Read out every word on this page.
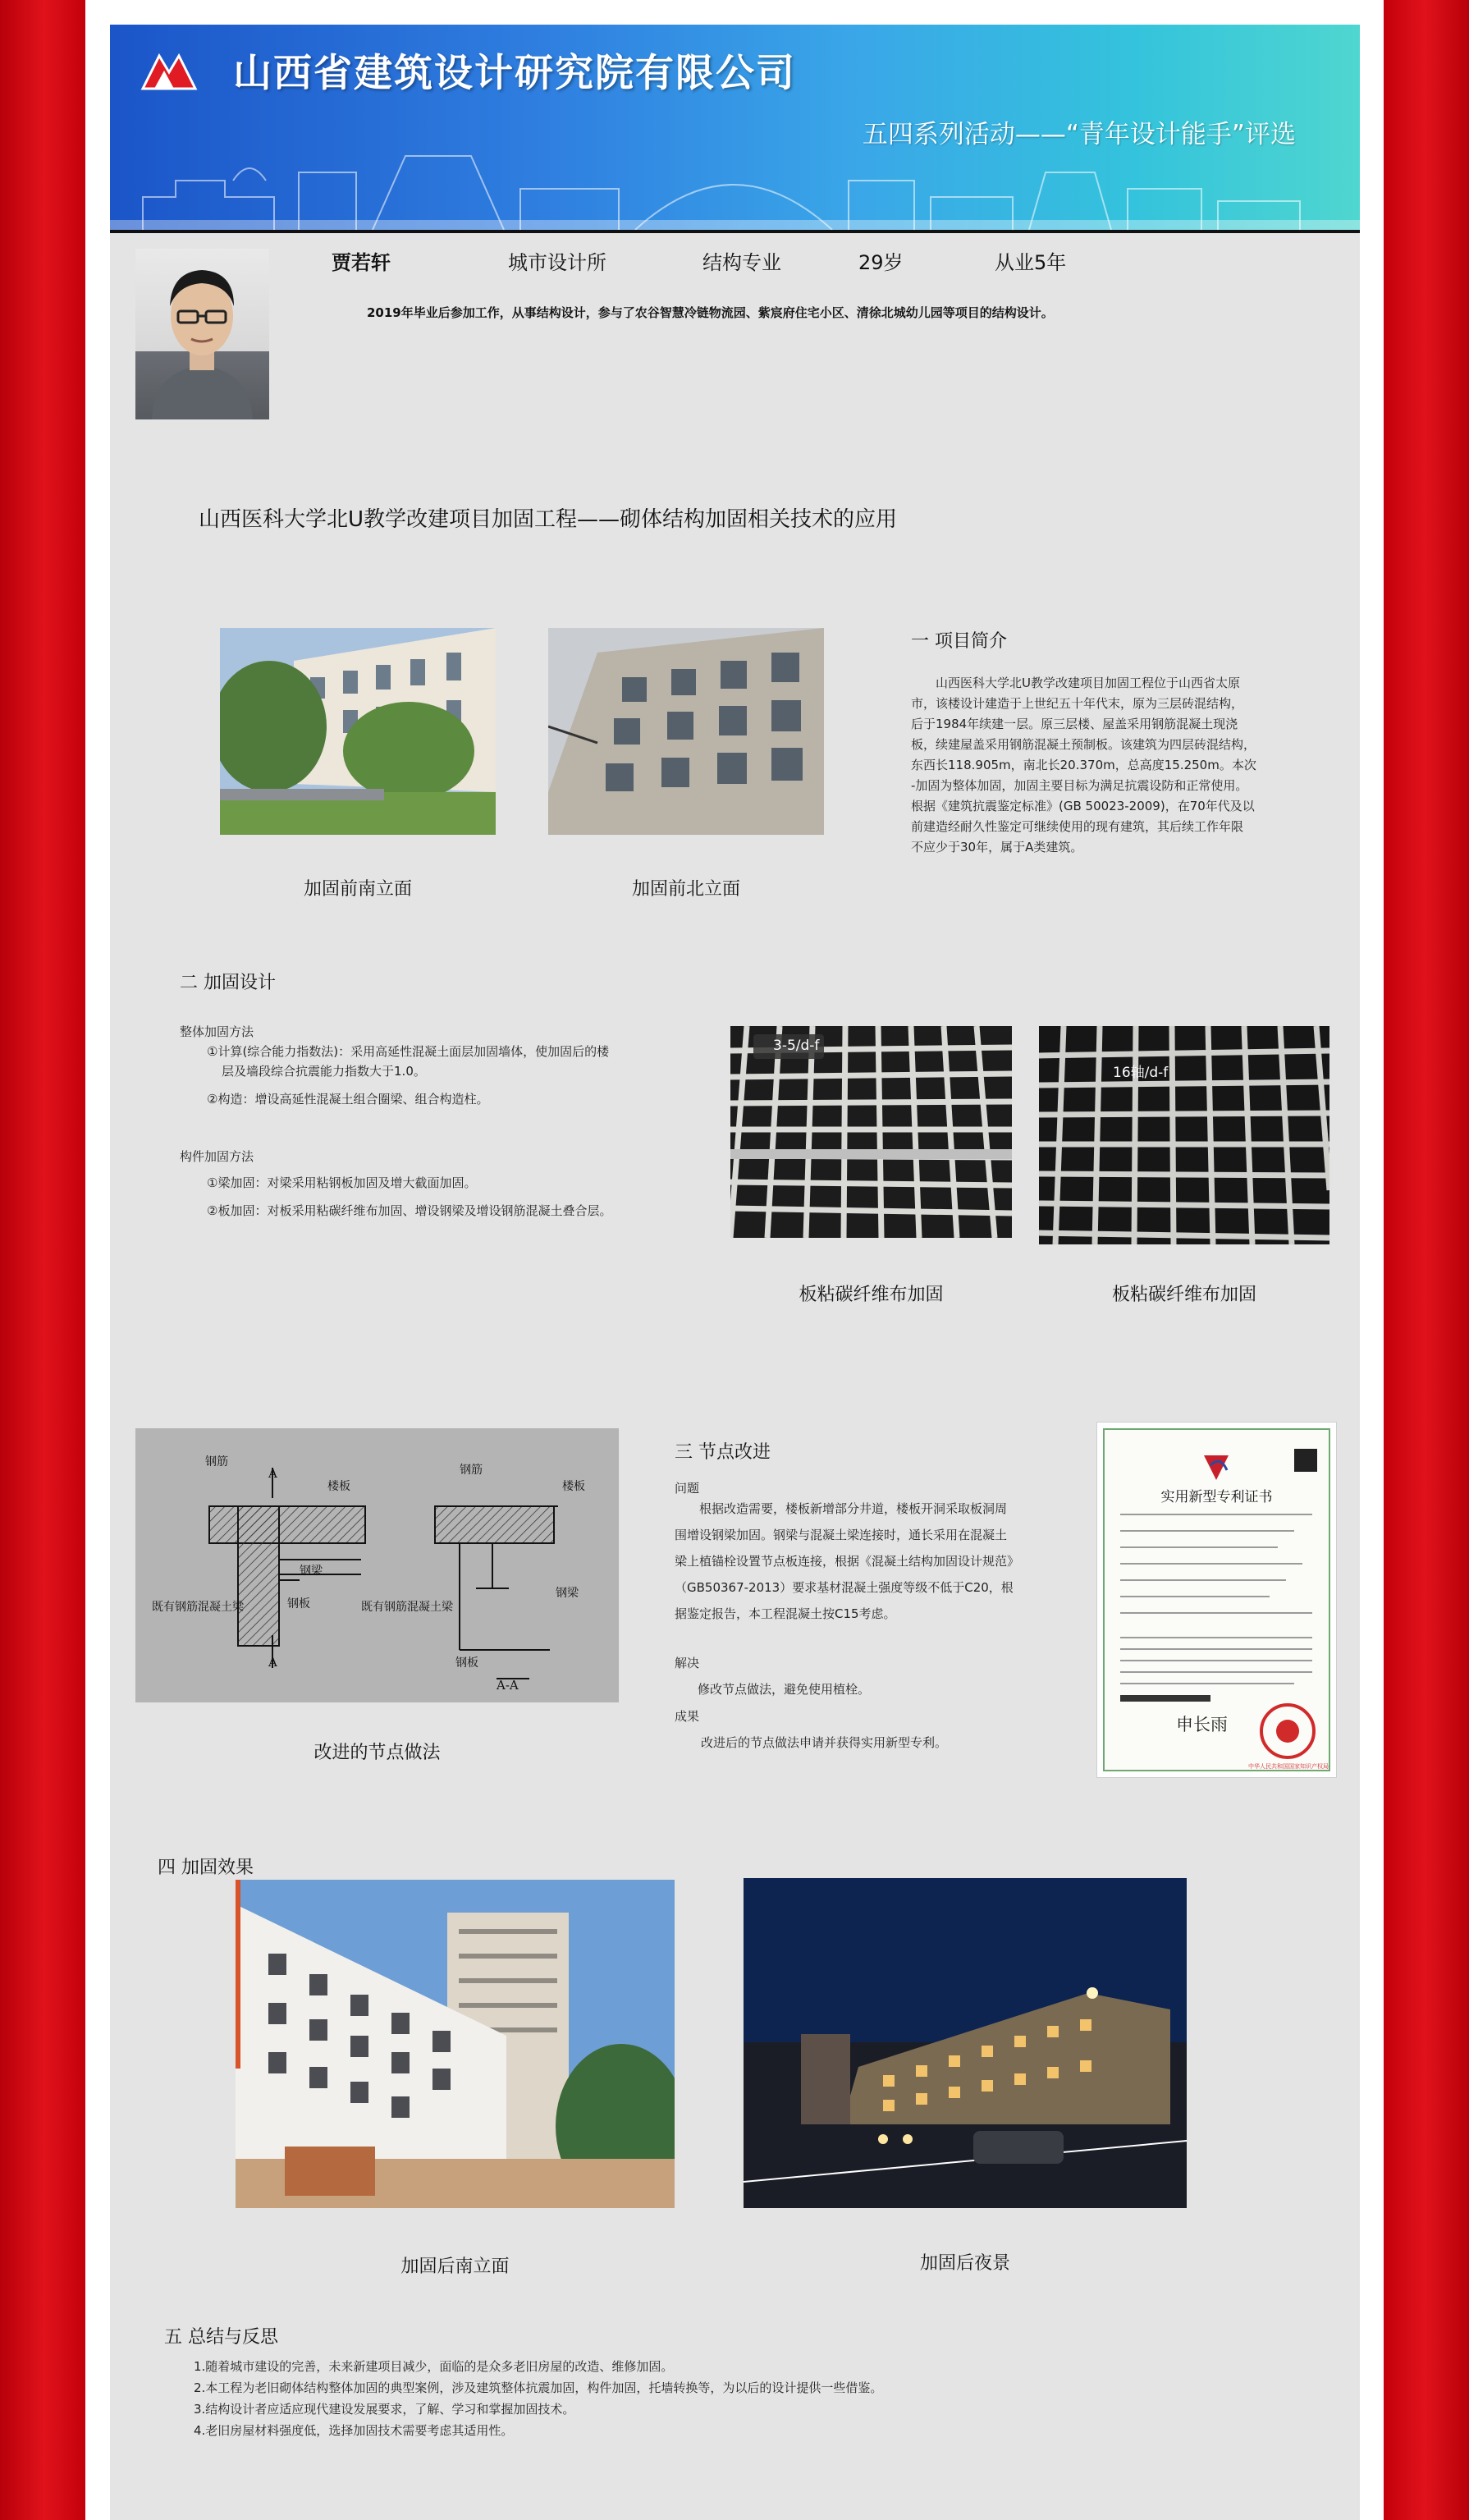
山西省建筑设计研究院有限公司
五四系列活动——“青年设计能手”评选
贾若轩	城市设计所	结构专业	29岁	从业5年
2019年毕业后参加工作，从事结构设计，参与了农谷智慧冷链物流园、紫宸府住宅小区、清徐北城幼儿园等项目的结构设计。
山西医科大学北U教学改建项目加固工程——砌体结构加固相关技术的应用
加固前南立面	加固前北立面
一 项目简介
山西医科大学北U教学改建项目加固工程位于山西省太原
市，该楼设计建造于上世纪五十年代末，原为三层砖混结构，
后于1984年续建一层。原三层楼、屋盖采用钢筋混凝土现浇
板，续建屋盖采用钢筋混凝土预制板。该建筑为四层砖混结构，
东西长118.905m，南北长20.370m，总高度15.250m。本次
-加固为整体加固，加固主要目标为满足抗震设防和正常使用。
根据《建筑抗震鉴定标准》(GB 50023-2009)，在70年代及以
前建造经耐久性鉴定可继续使用的现有建筑，其后续工作年限
不应少于30年，属于A类建筑。
二 加固设计
整体加固方法
①计算(综合能力指数法)：采用高延性混凝土面层加固墙体，使加固后的楼
层及墙段综合抗震能力指数大于1.0。
②构造：增设高延性混凝土组合圈梁、组合构造柱。
构件加固方法
①梁加固：对梁采用粘钢板加固及增大截面加固。
②板加固：对板采用粘碳纤维布加固、增设钢梁及增设钢筋混凝土叠合层。
3-5/d-f
板粘碳纤维布加固
16轴/d-f
板粘碳纤维布加固
钢筋
楼板
钢梁
钢板
既有钢筋混凝土梁
A
A
钢筋
楼板
钢梁
钢板
既有钢筋混凝土梁
A-A
改进的节点做法
三 节点改进
问题
根据改造需要，楼板新增部分井道，楼板开洞采取板洞周
围增设钢梁加固。钢梁与混凝土梁连接时，通长采用在混凝土
梁上植锚栓设置节点板连接，根据《混凝土结构加固设计规范》
（GB50367-2013）要求基材混凝土强度等级不低于C20，根
据鉴定报告，本工程混凝土按C15考虑。
解决
修改节点做法，避免使用植栓。
成果
改进后的节点做法申请并获得实用新型专利。
实用新型专利证书
申长雨
中华人民共和国国家知识产权局
四 加固效果
加固后南立面	加固后夜景
五 总结与反思
1.随着城市建设的完善，未来新建项目减少，面临的是众多老旧房屋的改造、维修加固。
2.本工程为老旧砌体结构整体加固的典型案例，涉及建筑整体抗震加固，构件加固，托墙转换等，为以后的设计提供一些借鉴。
3.结构设计者应适应现代建设发展要求，了解、学习和掌握加固技术。
4.老旧房屋材料强度低，选择加固技术需要考虑其适用性。
